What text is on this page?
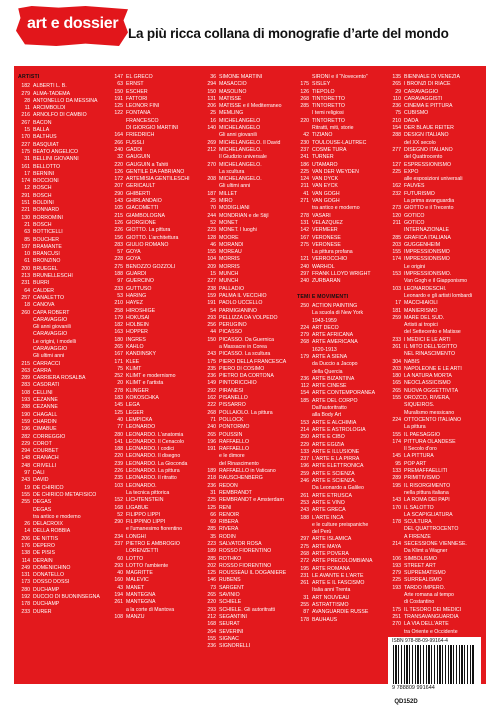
art e dossier
La più ricca collana di monografie d’arte del mondo
ARTISTI
182 ALBERTI L. B.
279 ALMA-TADEMA
28 ANTONELLO DA MESSINA
11 ARCIMBOLDI
216 ARNOLFO DI CAMBIO
267 BACON
15 BALLA
170 BALTHUS
227 BASQUIAT
175 BEATO ANGELICO
31 BELLINI GIOVANNI
161 BELLOTTO
17 BERNINI
174 BOCCIONI
12 BOSCH
291 BOSCH
151 BOLDINI
221 BONNARD
130 BORROMINI
21 BOSCH
63 BOTTICELLI
85 BOUCHER
197 BRAMANTE
10 BRANCUSI
61 BRONZINO
200 BRUEGEL
213 BRUNELLESCHI
231 BURRI
64 CALDER
257 CANALETTO
18 CANOVA
260 CAPA ROBERT
CARAVAGGIO
Gli anni giovanili
CARAVAGGIO
Le origini, i modelli
CARAVAGGIO
Gli ultimi anni
215 CARRACCI
263 CARRÀ
289 CARRIERA ROSALBA
283 CASORATI
108 CELLINI
193 CÉZANNE
288 CÉZANNE
190 CHAGALL
159 CHARDIN
196 CIMABUE
282 CORREGGIO
229 COROT
294 COURBET
148 CRANACH
248 CRIVELLI
97 DALÍ
243 DAVID
19 DE CHIRICO
155 DE CHIRICO METAFISICO
255 DEGAS
DEGAS
tra antico e moderno
26 DELACROIX
14 DELLA ROBBIA
206 DE NITTIS
176 DEPERO
138 DE PISIS
114 DERAIN
249 DOMENICHINO
131 DONATELLO
173 DOSSO DOSSI
280 DUCHAMP
192 DUCCIO DI BUONINSEGNA
178 DUCHAMP
233 DÜRER
147 EL GRECO
63 ERNST
150 ESCHER
191 FATTORI
125 LEONOR FINI
122 FONTANA
FRANCESCO
DI GIORGIO MARTINI
164 FRIEDRICH
266 FÜSSLI
240 GADDI
32 GAUGUIN
220 GAUGUIN a Tahiti
126 GENTILE DA FABRIANO
172 ARTEMISIA GENTILESCHI
207 GERICAULT
290 GHIBERTI
143 GHIRLANDAIO
105 GIACOMETTI
215 GIAMBOLOGNA
126 GIORGIONE
226 GIOTTO. La pittura
156 GIOTTO. L’architettura
283 GIULIO ROMANO
57 GOYA
228 GOYA
275 BENOZZO GOZZOLI
188 GUARDI
97 GUERCINO
233 GUTTUSO
53 HARING
210 HAYEZ
258 HIROSHIGE
179 HOKUSAI
182 HOLBEIN
163 HOPPER
180 INGRES
265 KAHLO
167 KANDINSKY
171 KLEE
75 KLIMT
252 KLIMT e modernismo
20 KLIMT e l'artista
278 KLINGER
183 KOKOSCHKA
145 LEGA
125 LÉGER
40 LEMPICKA
77 LEONARDO
280 LEONARDO. L'anatomia
141 LEONARDO. Il Cenacolo
188 LEONARDO. I codici
220 LEONARDO. Il disegno
239 LEONARDO. La Gioconda
226 LEONARDO. La pittura
235 LEONARDO. Il ritratto
103 LEONARDO.
La tecnica pittorica
152 LICHTENSTEIN
168 LIGABUE
52 FILIPPO LIPPI
290 FILIPPINO LIPPI
e l'umanesimo fiorentino
234 LONGHI
237 PIETRO E AMBROGIO
LORENZETTI
60 LOTTO
293 LOTTO l'ambiente
40 MAGRITTE
160 MALEVIČ
43 MANET
194 MANTEGNA
261 MANTEGNA
a la corte di Mantova
108 MANZÙ
36 SIMONE MARTINI
294 MASACCIO
150 MASOLINO
131 MATISSE
206 MATISSE e il Mediterraneo
25 MEMLING
16 MICHELANGELO
140 MICHELANGELO
Gli anni giovanili
269 MICHELANGELO. Il David
212 MICHELANGELO.
Il Giudizio universale
270 MICHELANGELO.
La scultura
208 MICHELANGELO.
Gli ultimi anni
187 MILLET
25 MIRÓ
70 MODIGLIANI
244 MONDRIAN e de Stijl
52 MONET
223 MONET. I luoghi
128 MOORE
46 MORANDI
155 MOREAU
104 MORRIS
209 MORRIS
15 MUNCH
227 MUNCH
238 PALLADIO
159 PALMA IL VECCHIO
191 PAOLO UCCELLO
54 PARMIGIANINO
293 PELLIZZA DA VOLPEDO
256 PERUGINO
44 PICASSO
150 PICASSO. Da Guernica
a Massacre in Corea
243 PICASSO. La scultura
175 PIERO DELLA FRANCESCA
235 PIERO DI COSIMO
236 PIETRO DA CORTONA
149 PINTORICCHIO
292 PIRANESI
162 PISANELLO
222 PISSARRO
268 POLLAIOLO. La pittura
71 POLLOCK
240 PONTORMO
265 POUSSIN
196 RAFFAELLO
191 RAFFAELLO
e le dimore
del Rinascimento
189 RAFFAELLO in Vaticano
218 RAUSCHENBERG
236 REDON
31 REMBRANDT
225 REMBRANDT e Amsterdam
125 RENI
66 RENOIR
69 RIBERA
285 RIVERA
35 RODIN
223 SALVATOR ROSA
189 ROSSO FIORENTINO
285 ROTHKO
202 ROSSO FIORENTINO
125 ROUSSEAU IL DOGANIERE
146 RUBENS
73 SARGENT
265 SAVINIO
220 SCHIELE
293 SCHIELE. Gli autoritratti
212 SEGANTINI
168 SEURAT
264 SEVERINI
155 SIGNAC
236 SIGNORELLI
SIRONI e il “Novecento”
175 SISLEY
126 TIEPOLO
268 TINTORETTO
285 TINTORETTO
I temi religiosi
220 TINTORETTO
Ritratti, miti, storie
42 TIZIANO
230 TOULOUSE-LAUTREC
237 COSMÈ TURA
241 TURNER
186 UTAMARO
225 VAN DER WEYDEN
124 VAN DYCK
211 VAN EYCK
41 VAN GOGH
271 VAN GOGH
tra antico e moderno
278 VASARI
131 VELÁZQUEZ
142 VERMEER
167 VERONESE
275 VERONESE
La pittura profana
121 VERROCCHIO
240 WARHOL
297 FRANK LLOYD WRIGHT
240 ZURBARÁN
TEMI E MOVIMENTI
250 ACTION PAINTING
La scuola di New York
1943-1959
224 ART DÉCO
279 ARTE AFRICANA
268 ARTE AMERICANA
1620-1913
179 ARTE A SIENA
da Duccio a Jacopo
della Quercia
236 ARTE BIZANTINA
112 ARTE CINESE
154 ARTE CONTEMPORANEA
185 ARTE DEL CORPO
Dall'autoritratto
alla Body Art
153 ARTE E ALCHIMIA
214 ARTE E ASTROLOGIA
250 ARTE E CIBO
229 ARTE EGIZIA
133 ARTE E ILLUSIONE
237 L'ARTE E LA PIRRA
196 ARTE ELETTRONICA
259 ARTE E SCIENZA
246 ARTE E SCIENZA.
Da Leonardo a Galileo
261 ARTE ETRUSCA
253 ARTE E VINO
243 ARTE GRECA
188 L'ARTE INCA
e le culture preispaniche
del Perù
297 ARTE ISLAMICA
275 ARTE MAYA
268 ARTE POVERA
272 ARTE PRECOLOMBIANA
195 ARTE ROMANA
231 LE AVANTE E L'ARTE
261 ARTE E IL FASCISMO
Italia anni Trenta
31 ART NOUVEAU
255 ASTRATTISMO
87 AVANGUARDIE RUSSE
178 BAUHAUS
135 BIENNALE DI VENEZIA
265 I BRONZI DI RIACE
29 CARAVAGGIO
110 CARAVAGGISTI
236 CINEMA E PITTURA
75 CUBISMO
210 DADA
154 DER BLAUE REITER
288 DESIGN ITALIANO
del XX secolo
277 DISEGNO ITALIANO
del Quattrocento
127 ESPRESSIONISMO
225 EXPO
alle esposizioni universali
162 FAUVES
232 FUTURISMO
La prima avanguardia
273 GIOTTO e il Trecento
120 GOTICO
211 GOTICO
INTERNAZIONALE
285 GRAFICA ITALIANA
203 GUGGENHEIM
155 IMPRESSIONISMO
174 IMPRESSIONISMO
Le origini
153 IMPRESSIONISMO.
Van Gogh e il Giapponismo
103 LEONARDESCHI.
Leonardo e gli artisti lombardi
17 MACCHIAIOLI
181 MANIERISMO
259 MARE DEL SUD.
Artisti ai tropici
del Settecento e Matisse
233 I MEDICI E LE ARTI
261 IL MITO DELL'EGITTO
NEL RINASCIMENTO
304 NABIS
203 NAPOLEONE E LE ARTI
180 LA NATURA MORTA
165 NEOCLASSICISMO
265 NUOVA OGGETTIVITÀ
155 OROZCO, RIVERA,
SIQUEIROS.
Muralismo messicano
224 OTTOCENTO ITALIANO
La pittura
155 IL PAESAGGIO
174 PITTURA OLANDESE
Il Secolo d'oro
145 LA PITTURA
95 POP ART
133 PREMAFFAELLITI
289 PRIMITIVISMO
195 IL RISORGIMENTO
nella pittura italiana
143 LA ROMA DEI PAPI
170 IL SALOTTO
LA SCAPIGLIATURA
178 SCULTURA
DEL QUATTROCENTO
A FIRENZE
214 SECESSIONE VIENNESE.
Da Klimt a Wagner
106 SIMBOLISMO
193 STREET ART
279 SUPREMATISMO
225 SURREALISMO
193 TARDO IMPERO.
Arte romana al tempo
di Costantino
175 IL TESORO DEI MEDICI
251 TRANSAVANGUARDIA
270 LA VIA DELL'ARTE
tra Oriente e Occidente
ISBN 978-88-09-99164-4
9 788809 991644
QD152D
